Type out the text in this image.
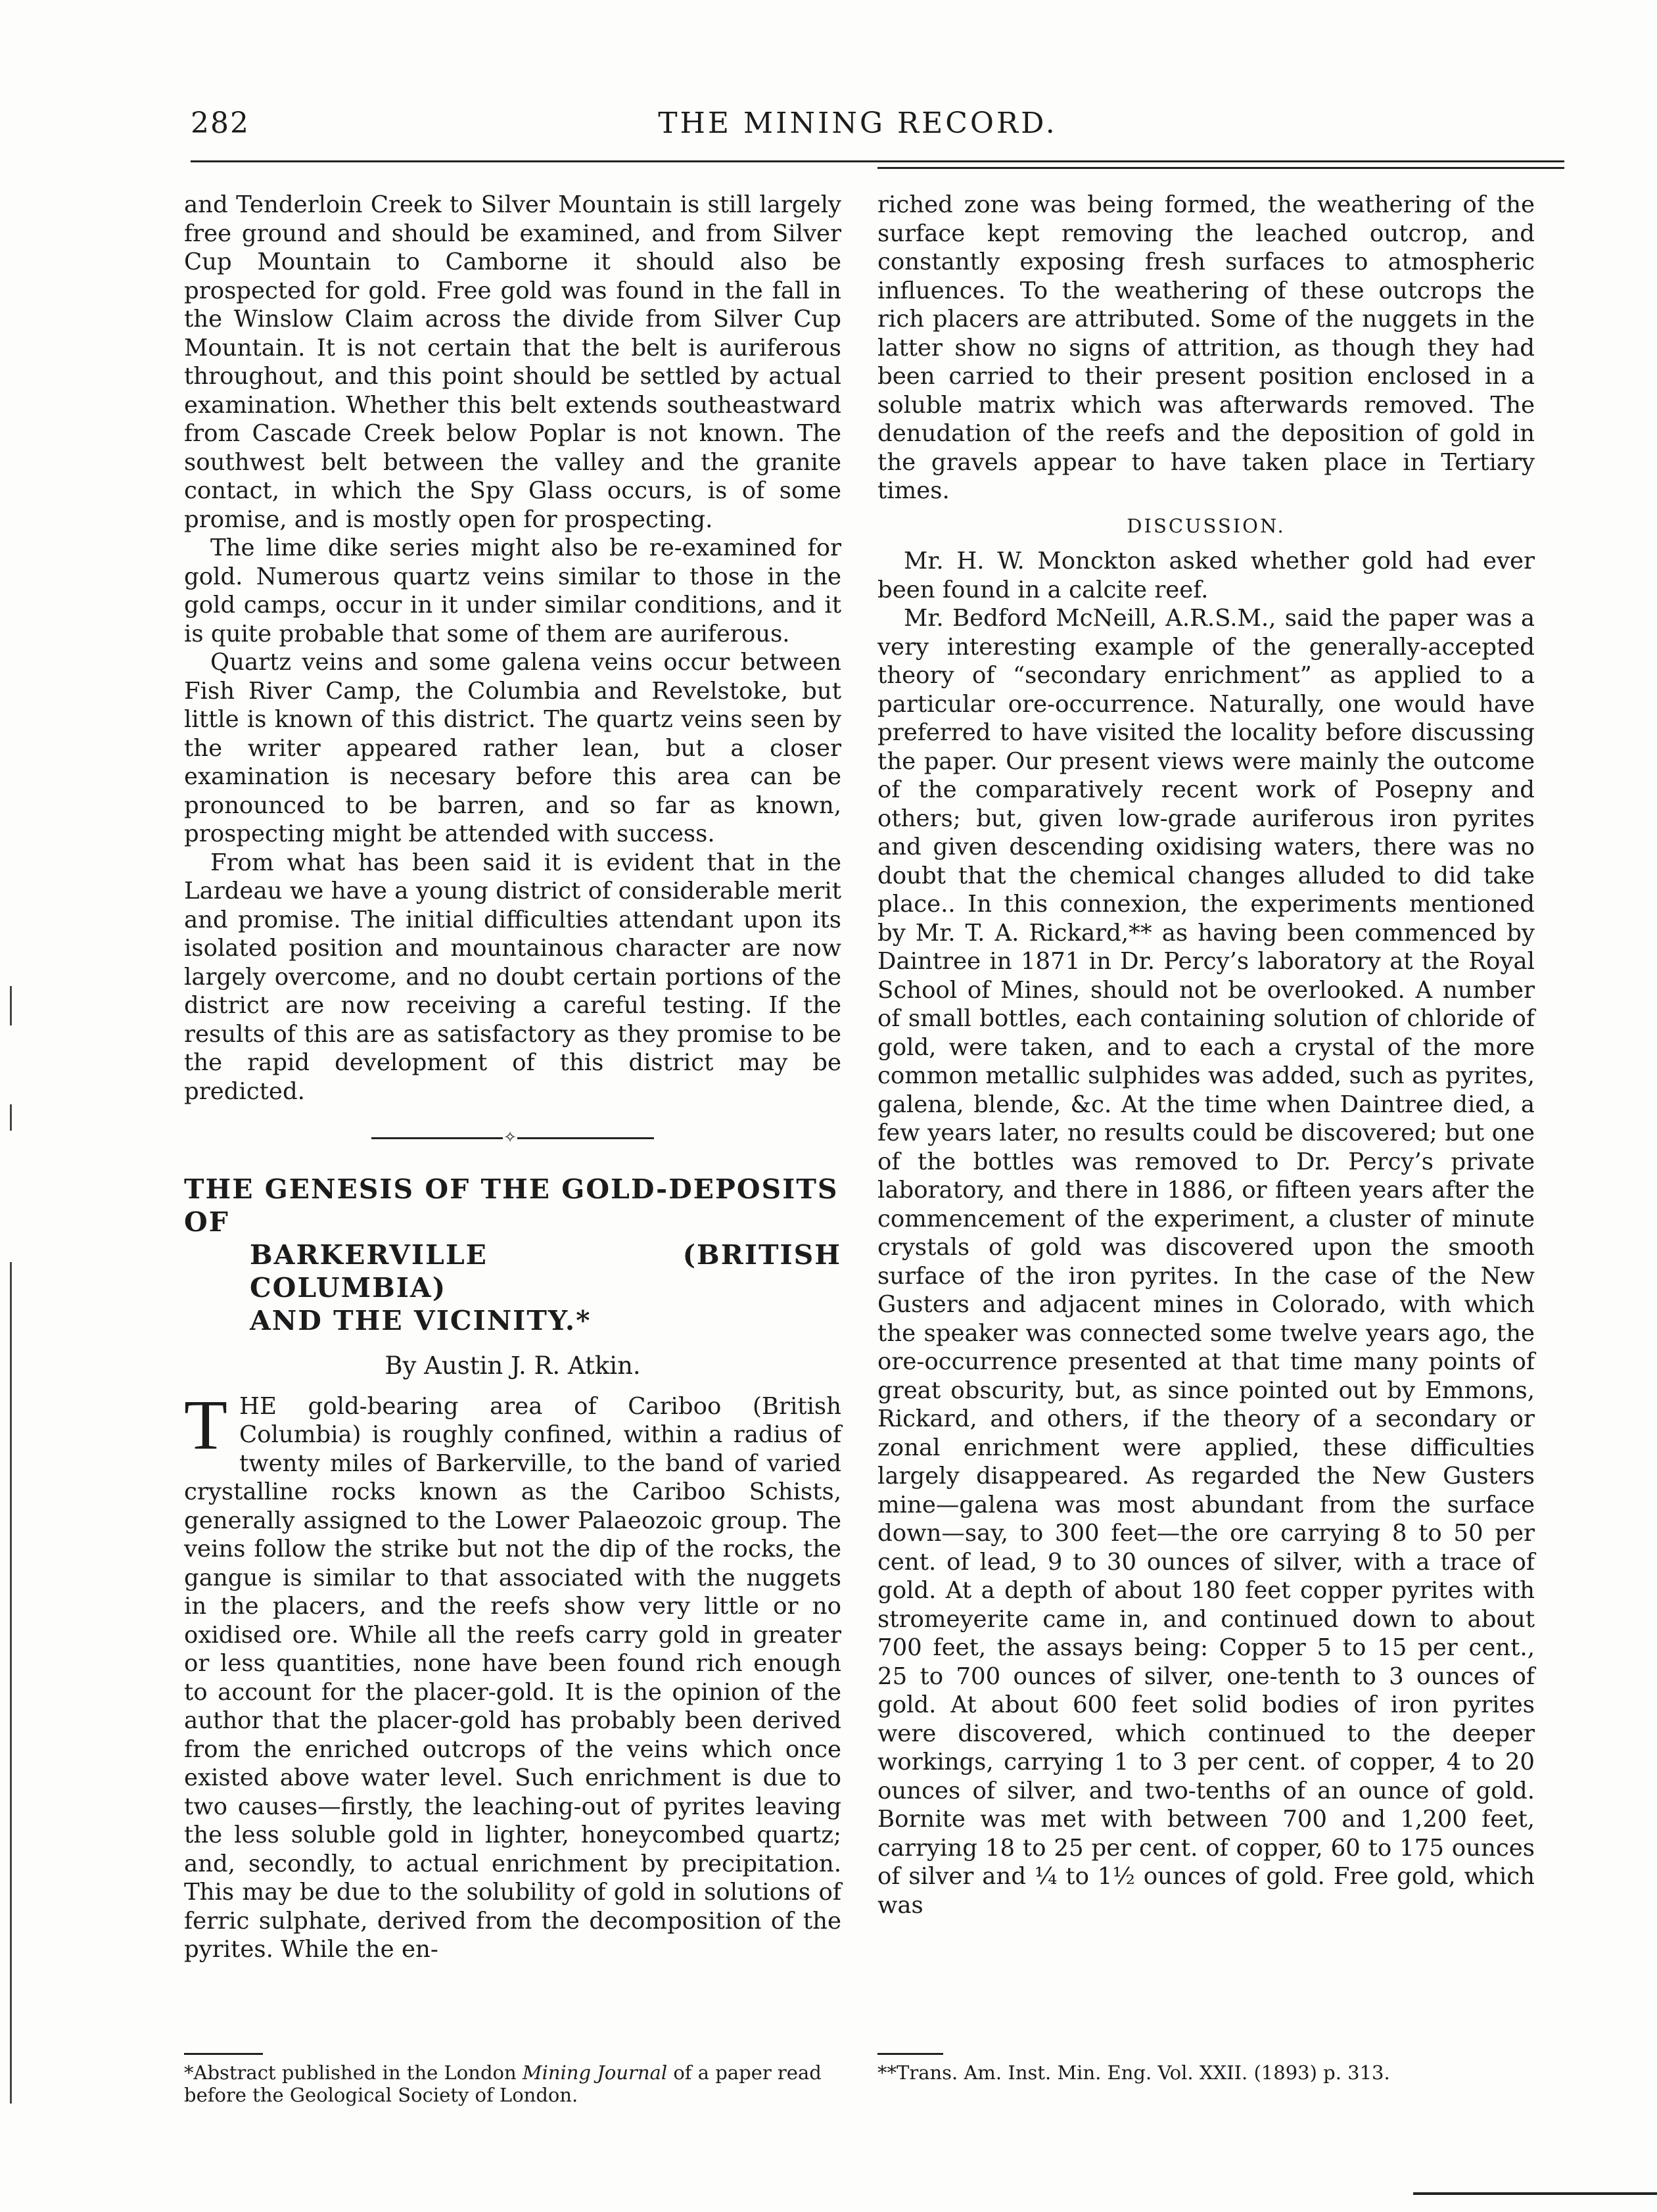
282	THE MINING RECORD.

and Tenderloin Creek to Silver Mountain is still largely free ground and should be examined, and from Silver Cup Mountain to Camborne it should also be prospected for gold. Free gold was found in the fall in the Winslow Claim across the divide from Silver Cup Mountain. It is not certain that the belt is auriferous throughout, and this point should be settled by actual examination. Whether this belt extends southeastward from Cascade Creek below Poplar is not known. The southwest belt between the valley and the granite contact, in which the Spy Glass occurs, is of some promise, and is mostly open for prospecting.

The lime dike series might also be re-examined for gold. Numerous quartz veins similar to those in the gold camps, occur in it under similar conditions, and it is quite probable that some of them are auriferous.

Quartz veins and some galena veins occur between Fish River Camp, the Columbia and Revelstoke, but little is known of this district. The quartz veins seen by the writer appeared rather lean, but a closer examination is necesary before this area can be pronounced to be barren, and so far as known, prospecting might be attended with success.

From what has been said it is evident that in the Lardeau we have a young district of considerable merit and promise. The initial difficulties attendant upon its isolated position and mountainous character are now largely overcome, and no doubt certain portions of the district are now receiving a careful testing. If the results of this are as satisfactory as they promise to be the rapid development of this district may be predicted.

✧
THE GENESIS OF THE GOLD-DEPOSITS OF
BARKERVILLE (BRITISH COLUMBIA)
AND THE VICINITY.*
By Austin J. R. Atkin.

THE gold-bearing area of Cariboo (British Columbia) is roughly confined, within a radius of twenty miles of Barkerville, to the band of varied crystalline rocks known as the Cariboo Schists, generally assigned to the Lower Palaeozoic group. The veins follow the strike but not the dip of the rocks, the gangue is similar to that associated with the nuggets in the placers, and the reefs show very little or no oxidised ore. While all the reefs carry gold in greater or less quantities, none have been found rich enough to account for the placer-gold. It is the opinion of the author that the placer-gold has probably been derived from the enriched outcrops of the veins which once existed above water level. Such enrichment is due to two causes—firstly, the leaching-out of pyrites leaving the less soluble gold in lighter, honeycombed quartz; and, secondly, to actual enrichment by precipitation. This may be due to the solubility of gold in solutions of ferric sulphate, derived from the decomposition of the pyrites. While the en-

riched zone was being formed, the weathering of the surface kept removing the leached outcrop, and constantly exposing fresh surfaces to atmospheric influences. To the weathering of these outcrops the rich placers are attributed. Some of the nuggets in the latter show no signs of attrition, as though they had been carried to their present position enclosed in a soluble matrix which was afterwards removed. The denudation of the reefs and the deposition of gold in the gravels appear to have taken place in Tertiary times.

DISCUSSION.

Mr. H. W. Monckton asked whether gold had ever been found in a calcite reef.

Mr. Bedford McNeill, A.R.S.M., said the paper was a very interesting example of the generally-accepted theory of “secondary enrichment” as applied to a particular ore-occurrence. Naturally, one would have preferred to have visited the locality before discussing the paper. Our present views were mainly the outcome of the comparatively recent work of Posepny and others; but, given low-grade auriferous iron pyrites and given descending oxidising waters, there was no doubt that the chemical changes alluded to did take place.. In this connexion, the experiments mentioned by Mr. T. A. Rickard,** as having been commenced by Daintree in 1871 in Dr. Percy’s laboratory at the Royal School of Mines, should not be overlooked. A number of small bottles, each containing solution of chloride of gold, were taken, and to each a crystal of the more common metallic sulphides was added, such as pyrites, galena, blende, &c. At the time when Daintree died, a few years later, no results could be discovered; but one of the bottles was removed to Dr. Percy’s private laboratory, and there in 1886, or fifteen years after the commencement of the experiment, a cluster of minute crystals of gold was discovered upon the smooth surface of the iron pyrites. In the case of the New Gusters and adjacent mines in Colorado, with which the speaker was connected some twelve years ago, the ore-occurrence presented at that time many points of great obscurity, but, as since pointed out by Emmons, Rickard, and others, if the theory of a secondary or zonal enrichment were applied, these difficulties largely disappeared. As regarded the New Gusters mine—galena was most abundant from the surface down—say, to 300 feet—the ore carrying 8 to 50 per cent. of lead, 9 to 30 ounces of silver, with a trace of gold. At a depth of about 180 feet copper pyrites with stromeyerite came in, and continued down to about 700 feet, the assays being: Copper 5 to 15 per cent., 25 to 700 ounces of silver, one-tenth to 3 ounces of gold. At about 600 feet solid bodies of iron pyrites were discovered, which continued to the deeper workings, carrying 1 to 3 per cent. of copper, 4 to 20 ounces of silver, and two-tenths of an ounce of gold. Bornite was met with between 700 and 1,200 feet, carrying 18 to 25 per cent. of copper, 60 to 175 ounces of silver and ¼ to 1½ ounces of gold. Free gold, which was

*Abstract published in the London Mining Journal of a paper read before the Geological Society of London.
**Trans. Am. Inst. Min. Eng. Vol. XXII. (1893) p. 313.
